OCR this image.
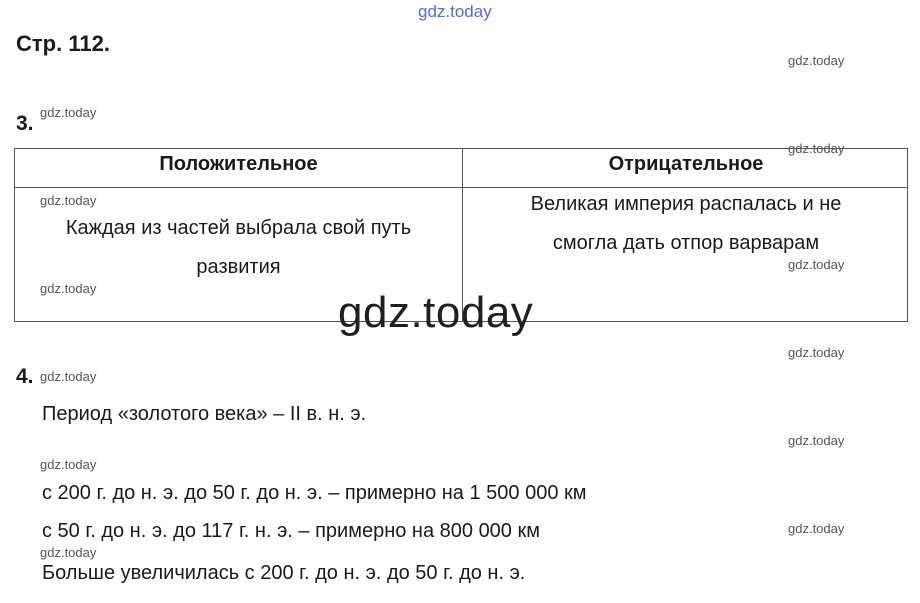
gdz.today
Стр. 112.
gdz.today
gdz.today
gdz.today
gdz.today
gdz.today
gdz.today
gdz.today
gdz.today
gdz.today
gdz.today
gdz.today
gdz.today
3.
Положительное	Отрицательное
Каждая из частей выбрала свой путь
развития
Великая империя распалась и не
смогла дать отпор варварам
gdz.today
4.
Период «золотого века» – II в. н. э.
с 200 г. до н. э. до 50 г. до н. э. – примерно на 1 500 000 км
с 50 г. до н. э. до 117 г. н. э. – примерно на 800 000 км
Больше увеличилась с 200 г. до н. э. до 50 г. до н. э.
